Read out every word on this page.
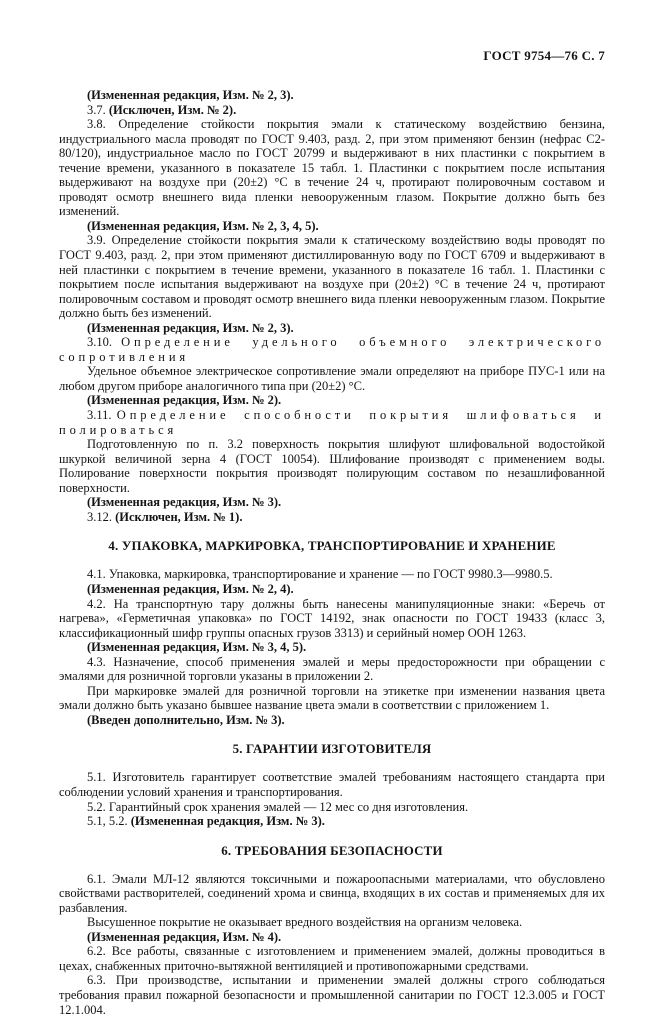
ГОСТ 9754—76 С. 7

(Измененная редакция, Изм. № 2, 3).

3.7. (Исключен, Изм. № 2).

3.8. Определение стойкости покрытия эмали к статическому воздействию бензина, индустриального масла проводят по ГОСТ 9.403, разд. 2, при этом применяют бензин (нефрас С2-80/120), индустриальное масло по ГОСТ 20799 и выдерживают в них пластинки с покрытием в течение времени, указанного в показателе 15 табл. 1. Пластинки с покрытием после испытания выдерживают на воздухе при (20±2) °С в течение 24 ч, протирают полировочным составом и проводят осмотр внешнего вида пленки невооруженным глазом. Покрытие должно быть без изменений.

(Измененная редакция, Изм. № 2, 3, 4, 5).

3.9. Определение стойкости покрытия эмали к статическому воздействию воды проводят по ГОСТ 9.403, разд. 2, при этом применяют дистиллированную воду по ГОСТ 6709 и выдерживают в ней пластинки с покрытием в течение времени, указанного в показателе 16 табл. 1. Пластинки с покрытием после испытания выдерживают на воздухе при (20±2) °С в течение 24 ч, протирают полировочным составом и проводят осмотр внешнего вида пленки невооруженным глазом. Покрытие должно быть без изменений.

(Измененная редакция, Изм. № 2, 3).

3.10. Определение удельного объемного электрического сопротивления

Удельное объемное электрическое сопротивление эмали определяют на приборе ПУС-1 или на любом другом приборе аналогичного типа при (20±2) °С.

(Измененная редакция, Изм. № 2).

3.11. Определение способности покрытия шлифоваться и полироваться

Подготовленную по п. 3.2 поверхность покрытия шлифуют шлифовальной водостойкой шкуркой величиной зерна 4 (ГОСТ 10054). Шлифование производят с применением воды. Полирование поверхности покрытия производят полирующим составом по незашлифованной поверхности.

(Измененная редакция, Изм. № 3).

3.12. (Исключен, Изм. № 1).

4. УПАКОВКА, МАРКИРОВКА, ТРАНСПОРТИРОВАНИЕ И ХРАНЕНИЕ

4.1. Упаковка, маркировка, транспортирование и хранение — по ГОСТ 9980.3—9980.5.

(Измененная редакция, Изм. № 2, 4).

4.2. На транспортную тару должны быть нанесены манипуляционные знаки: «Беречь от нагрева», «Герметичная упаковка» по ГОСТ 14192, знак опасности по ГОСТ 19433 (класс 3, классификационный шифр группы опасных грузов 3313) и серийный номер ООН 1263.

(Измененная редакция, Изм. № 3, 4, 5).

4.3. Назначение, способ применения эмалей и меры предосторожности при обращении с эмалями для розничной торговли указаны в приложении 2.

При маркировке эмалей для розничной торговли на этикетке при изменении названия цвета эмали должно быть указано бывшее название цвета эмали в соответствии с приложением 1.

(Введен дополнительно, Изм. № 3).

5. ГАРАНТИИ ИЗГОТОВИТЕЛЯ

5.1. Изготовитель гарантирует соответствие эмалей требованиям настоящего стандарта при соблюдении условий хранения и транспортирования.

5.2. Гарантийный срок хранения эмалей — 12 мес со дня изготовления.

5.1, 5.2. (Измененная редакция, Изм. № 3).

6. ТРЕБОВАНИЯ БЕЗОПАСНОСТИ

6.1. Эмали МЛ-12 являются токсичными и пожароопасными материалами, что обусловлено свойствами растворителей, соединений хрома и свинца, входящих в их состав и применяемых для их разбавления.

Высушенное покрытие не оказывает вредного воздействия на организм человека.

(Измененная редакция, Изм. № 4).

6.2. Все работы, связанные с изготовлением и применением эмалей, должны проводиться в цехах, снабженных приточно-вытяжной вентиляцией и противопожарными средствами.

6.3. При производстве, испытании и применении эмалей должны строго соблюдаться требования правил пожарной безопасности и промышленной санитарии по ГОСТ 12.3.005 и ГОСТ 12.1.004.
